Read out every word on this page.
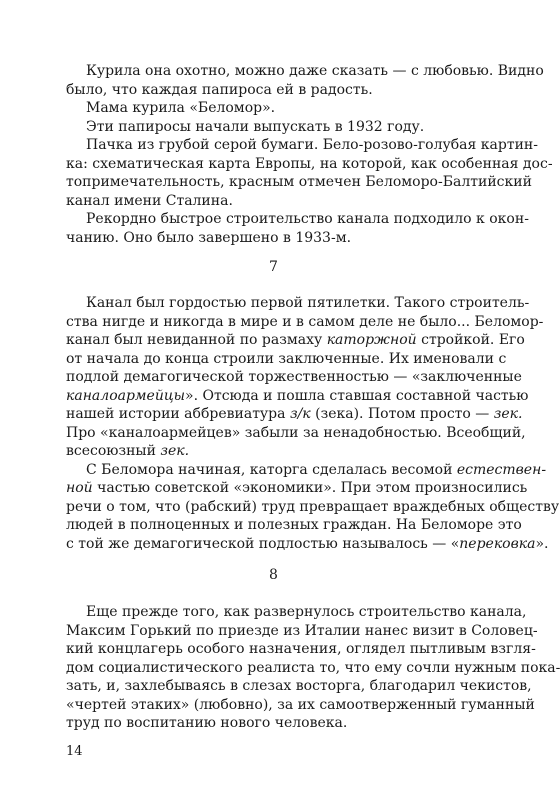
Курила она охотно, можно даже сказать — с любовью. Видно
было, что каждая папироса ей в радость.
Мама курила «Беломор».
Эти папиросы начали выпускать в 1932 году.
Пачка из грубой серой бумаги. Бело-розово-голубая картин-
ка: схематическая карта Европы, на которой, как особенная дос-
топримечательность, красным отмечен Беломоро-Балтийский
канал имени Сталина.
Рекордно быстрое строительство канала подходило к окон-
чанию. Оно было завершено в 1933-м.
7
Канал был гордостью первой пятилетки. Такого строитель-
ства нигде и никогда в мире и в самом деле не было... Беломор-
канал был невиданной по размаху каторжной стройкой. Его
от начала до конца строили заключенные. Их именовали с
подлой демагогической торжественностью — «заключенные
каналоармейцы». Отсюда и пошла ставшая составной частью
нашей истории аббревиатура з/к (зека). Потом просто — зек.
Про «каналоармейцев» забыли за ненадобностью. Всеобщий,
всесоюзный зек.
С Беломора начиная, каторга сделалась весомой естествен-
ной частью советской «экономики». При этом произносились
речи о том, что (рабский) труд превращает враждебных обществу
людей в полноценных и полезных граждан. На Беломоре это
с той же демагогической подлостью называлось — «перековка».
8
Еще прежде того, как развернулось строительство канала,
Максим Горький по приезде из Италии нанес визит в Соловец-
кий концлагерь особого назначения, оглядел пытливым взгля-
дом социалистического реалиста то, что ему сочли нужным пока-
зать, и, захлебываясь в слезах восторга, благодарил чекистов,
«чертей этаких» (любовно), за их самоотверженный гуманный
труд по воспитанию нового человека.
14
